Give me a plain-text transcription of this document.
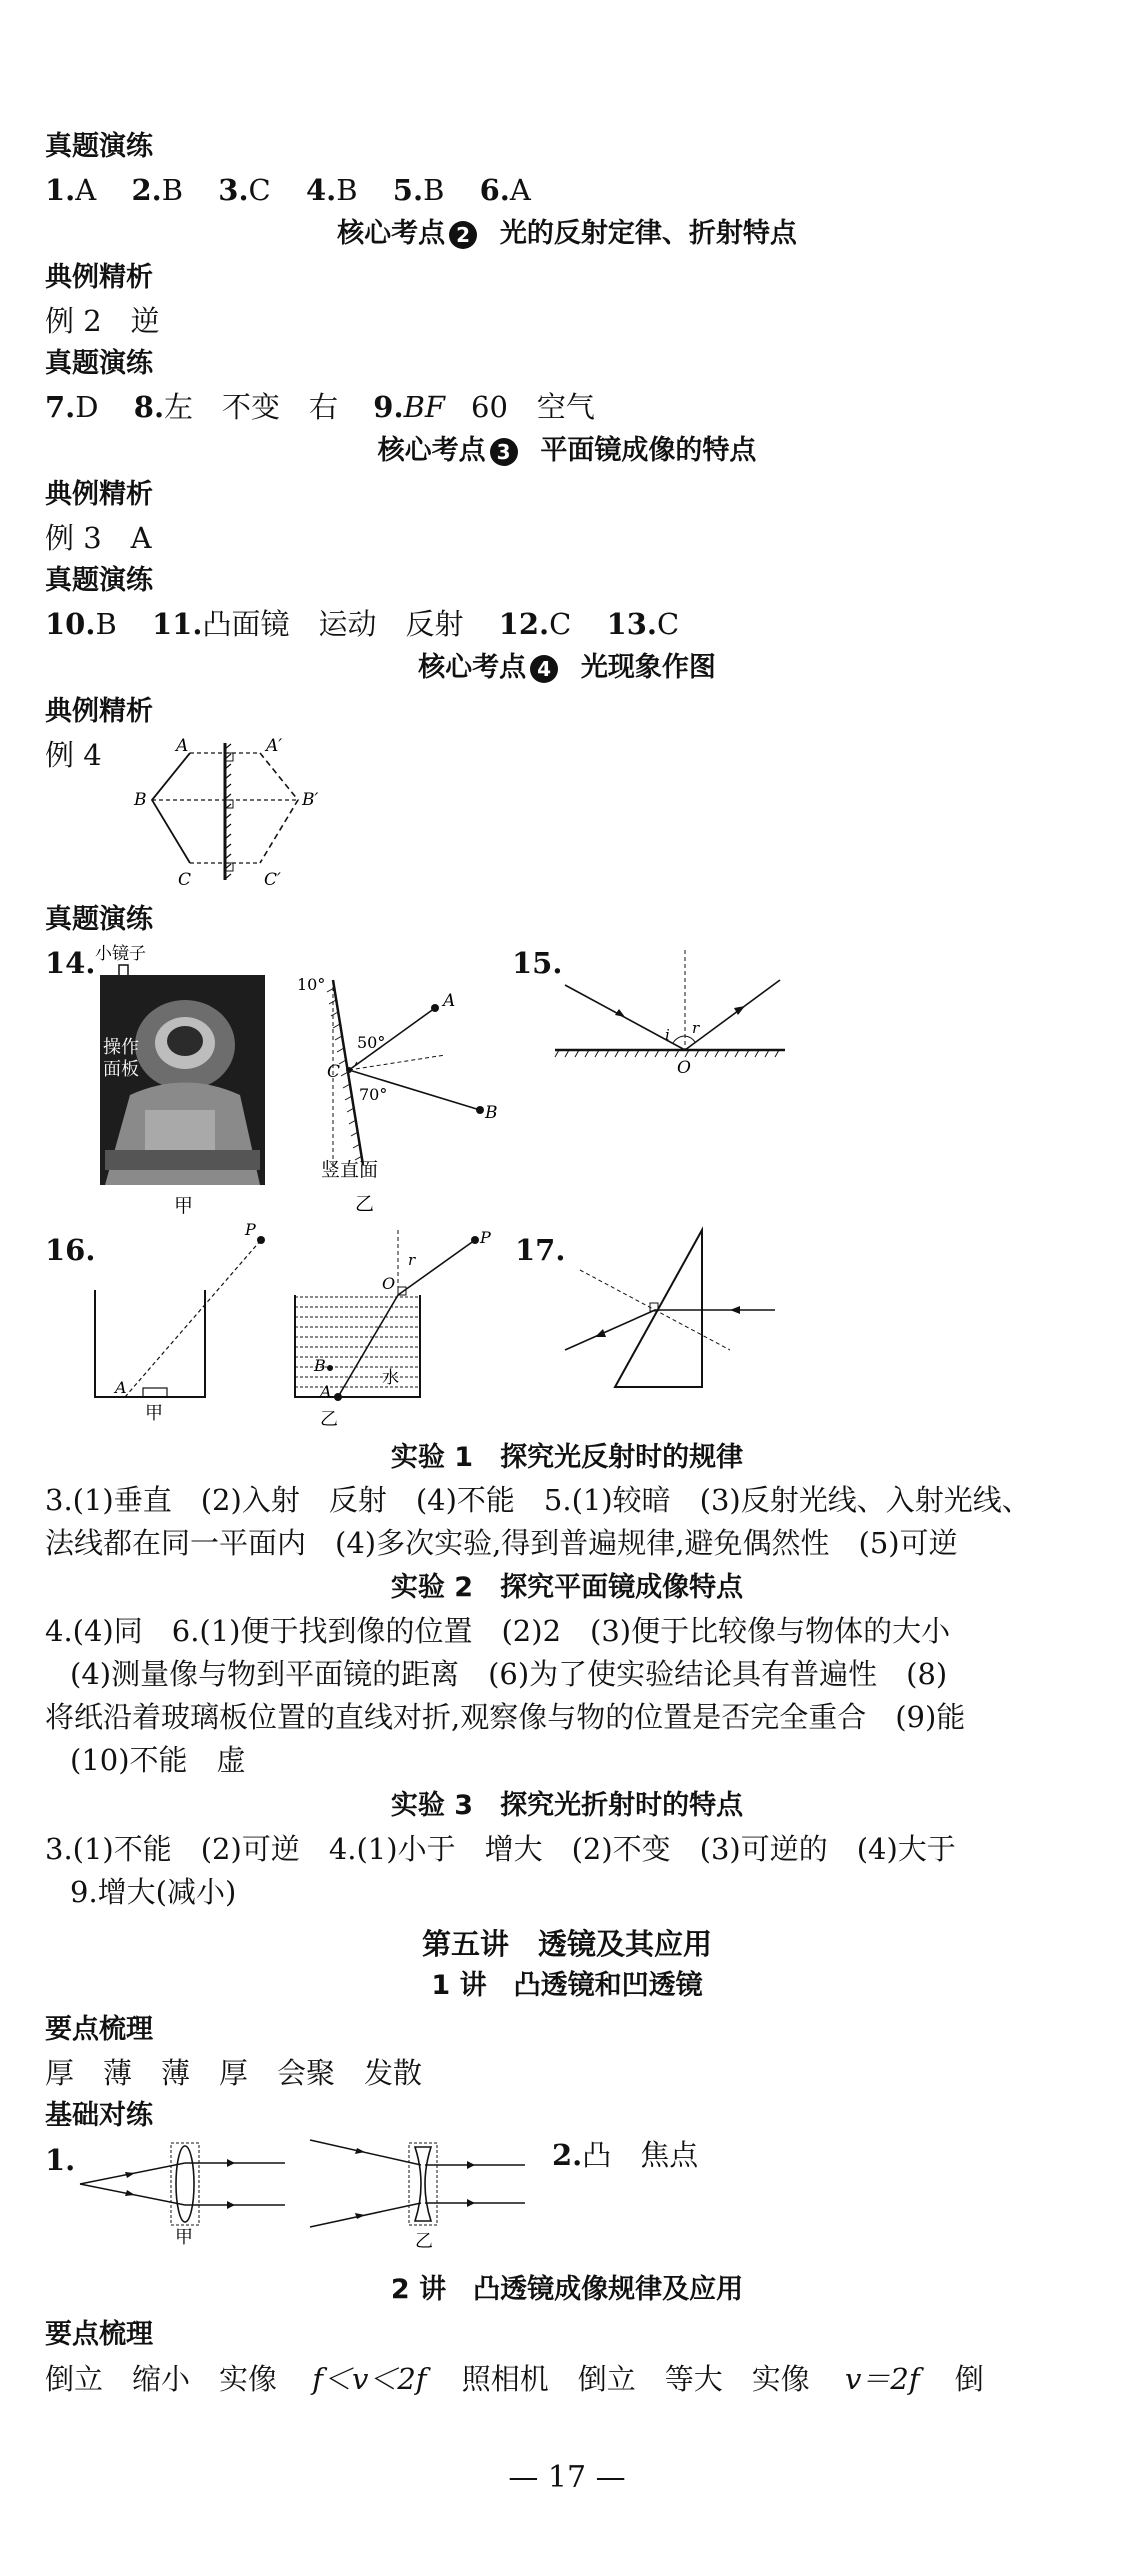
真题演练
1.A 2.B 3.C 4.B 5.B 6.A
核心考点 2 光的反射定律、折射特点
典例精析
例 2　逆
真题演练
7.D 8.左　不变　右 9.BF 60　空气
核心考点 3 平面镜成像的特点
典例精析
例 3　A
真题演练
10.B 11.凸面镜　运动　反射 12.C 13.C
核心考点 4 光现象作图
典例精析
例 4	A	A′
B	B′
C	C′
真题演练
14. 小镜子
操作
面板
甲
10°
50°
70°
A
B
C
竖直面
乙
15.
i r
O
16.
P
A
甲
P
O
r
B
A
水
乙
17.
实验 1　探究光反射时的规律
3.(1)垂直　(2)入射　反射　(4)不能　5.(1)较暗　(3)反射光线、入射光线、
法线都在同一平面内　(4)多次实验,得到普遍规律,避免偶然性　(5)可逆
实验 2　探究平面镜成像特点
4.(4)同　6.(1)便于找到像的位置　(2)2　(3)便于比较像与物体的大小
(4)测量像与物到平面镜的距离　(6)为了使实验结论具有普遍性　(8)
将纸沿着玻璃板位置的直线对折,观察像与物的位置是否完全重合　(9)能
(10)不能　虚
实验 3　探究光折射时的特点
3.(1)不能　(2)可逆　4.(1)小于　增大　(2)不变　(3)可逆的　(4)大于
9.增大(减小)
第五讲　透镜及其应用
1 讲　凸透镜和凹透镜
要点梳理
厚　薄　薄　厚　会聚　发散
基础对练
1.
甲	乙
2.凸　焦点
2 讲　凸透镜成像规律及应用
要点梳理
倒立　缩小　实像 f＜v＜2f 照相机　倒立　等大　实像 v＝2f 倒
— 17 —
